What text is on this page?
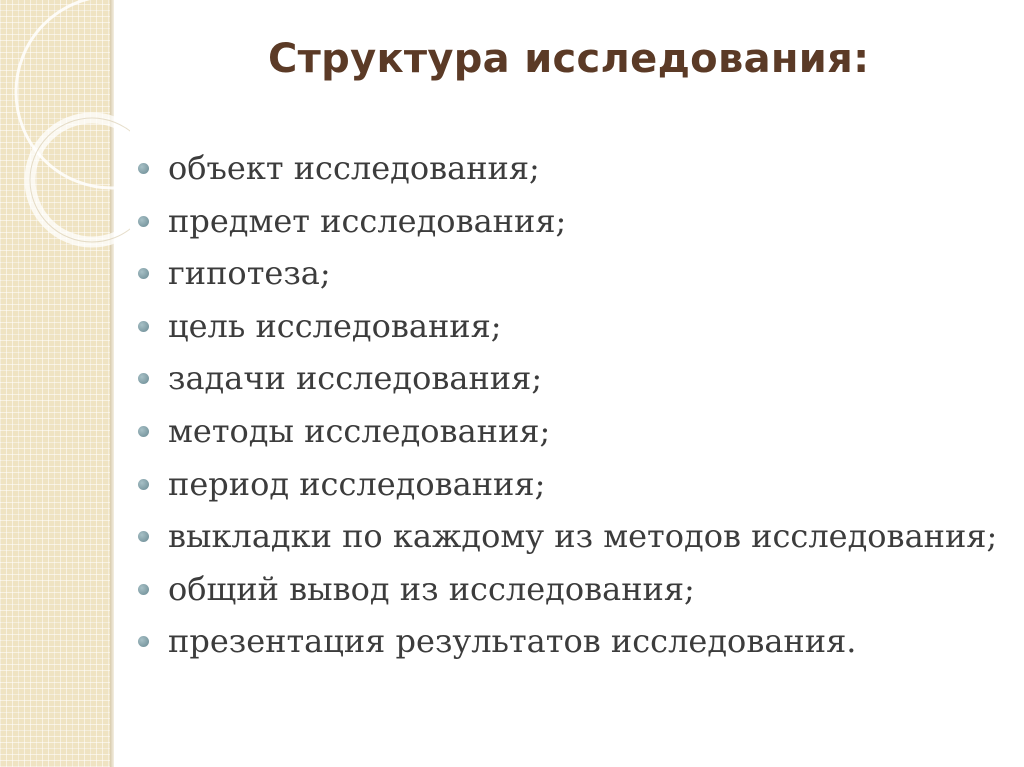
Структура исследования:
объект исследования;
предмет исследования;
гипотеза;
цель исследования;
задачи исследования;
методы исследования;
период исследования;
выкладки по каждому из методов исследования;
общий вывод из исследования;
презентация результатов исследования.
